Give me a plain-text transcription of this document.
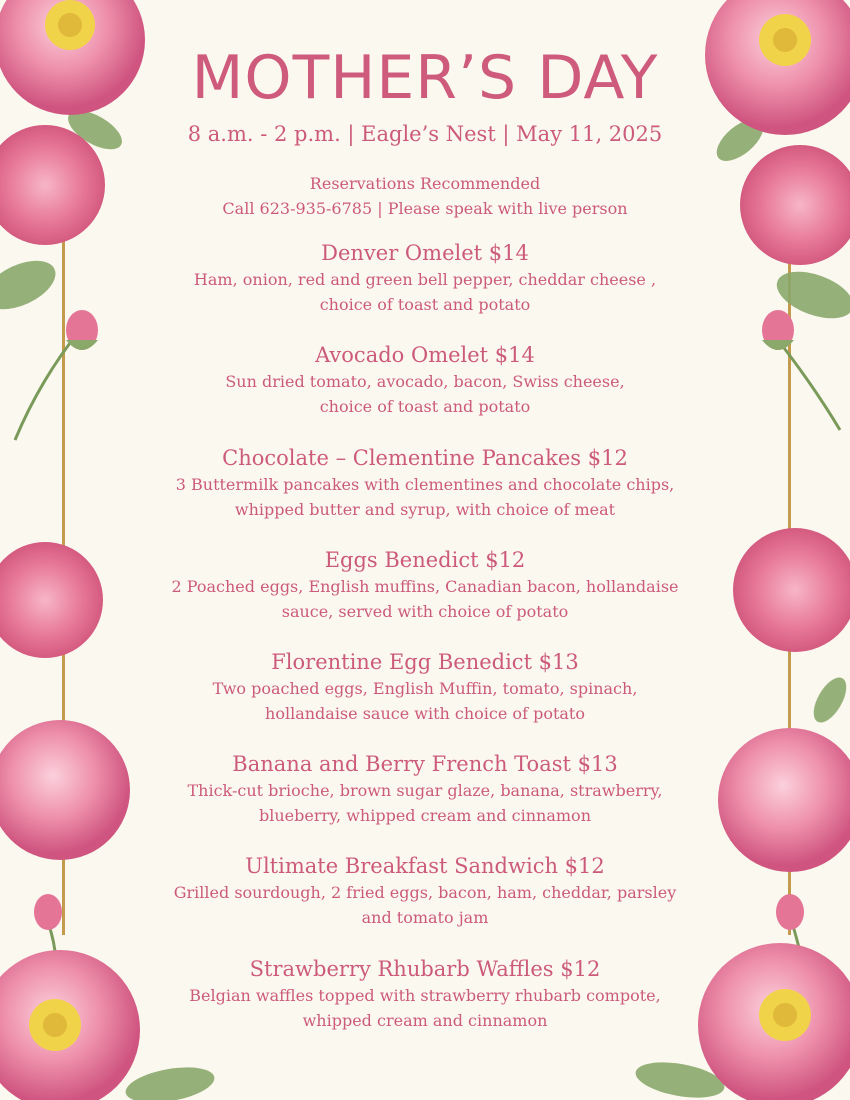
MOTHER’S DAY
8 a.m. - 2 p.m. | Eagle’s Nest | May 11, 2025
Reservations Recommended
Call 623-935-6785 | Please speak with live person
Denver Omelet $14
Ham, onion, red and green bell pepper, cheddar cheese ,
choice of toast and potato
Avocado Omelet $14
Sun dried tomato, avocado, bacon, Swiss cheese,
choice of toast and potato
Chocolate – Clementine Pancakes $12
3 Buttermilk pancakes with clementines and chocolate chips,
whipped butter and syrup, with choice of meat
Eggs Benedict $12
2 Poached eggs, English muffins, Canadian bacon, hollandaise
sauce, served with choice of potato
Florentine Egg Benedict $13
Two poached eggs, English Muffin, tomato, spinach,
hollandaise sauce with choice of potato
Banana and Berry French Toast $13
Thick-cut brioche, brown sugar glaze, banana, strawberry,
blueberry, whipped cream and cinnamon
Ultimate Breakfast Sandwich $12
Grilled sourdough, 2 fried eggs, bacon, ham, cheddar, parsley
and tomato jam
Strawberry Rhubarb Waffles $12
Belgian waffles topped with strawberry rhubarb compote,
whipped cream and cinnamon
